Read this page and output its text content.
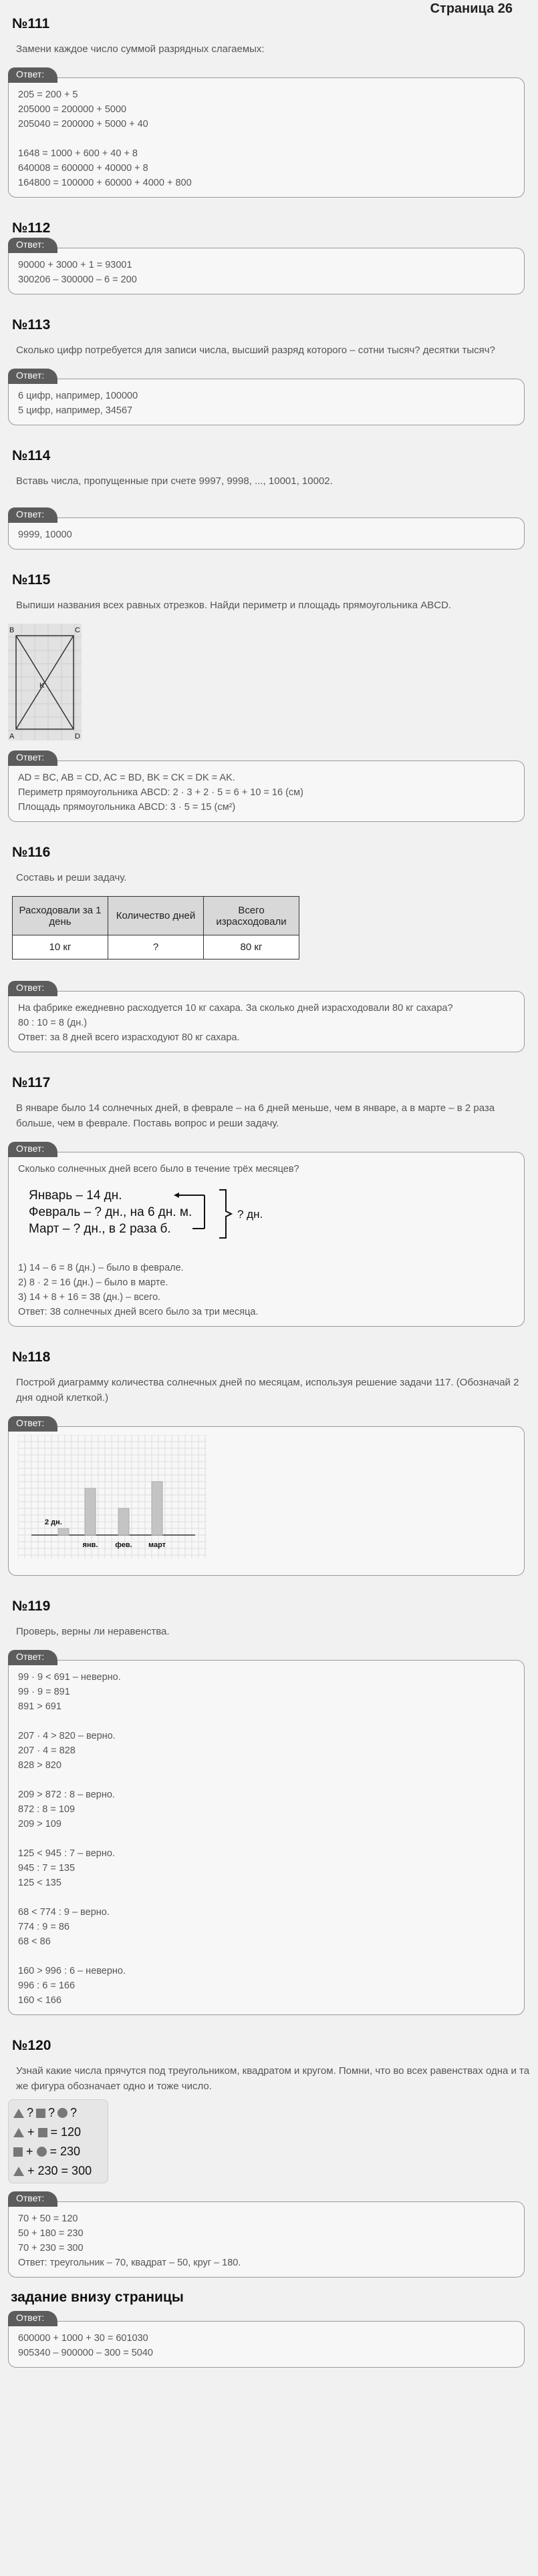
Страница 26
№111
Замени каждое число суммой разрядных слагаемых:
Ответ:
205 = 200 + 5
205000 = 200000 + 5000
205040 = 200000 + 5000 + 40
1648 = 1000 + 600 + 40 + 8
640008 = 600000 + 40000 + 8
164800 = 100000 + 60000 + 4000 + 800
№112
Ответ:
90000 + 3000 + 1 = 93001
300206 – 300000 – 6 = 200
№113
Сколько цифр потребуется для записи числа, высший разряд которого – сотни тысяч? десятки тысяч?
Ответ:
6 цифр, например, 100000
5 цифр, например, 34567
№114
Вставь числа, пропущенные при счете 9997, 9998, ..., 10001, 10002.
Ответ:
9999, 10000
№115
Выпиши названия всех равных отрезков. Найди периметр и площадь прямоугольника ABCD.
B	C
K
A	D
Ответ:
AD = BC, AB = CD, AC = BD, BK = CK = DK = AK.
Периметр прямоугольника ABCD: 2 · 3 + 2 · 5 = 6 + 10 = 16 (см)
Площадь прямоугольника ABCD: 3 · 5 = 15 (см²)
№116
Составь и реши задачу.
Расходовали за 1 день	Количество дней	Всего израсходовали
10 кг	?	80 кг
Ответ:
На фабрике ежедневно расходуется 10 кг сахара. За сколько дней израсходовали 80 кг сахара?
80 : 10 = 8 (дн.)
Ответ: за 8 дней всего израсходуют 80 кг сахара.
№117
В январе было 14 солнечных дней, в феврале – на 6 дней меньше, чем в январе, а в марте – в 2 раза больше, чем в феврале. Поставь вопрос и реши задачу.
Ответ:
Сколько солнечных дней всего было в течение трёх месяцев?
Январь – 14 дн.
Февраль – ? дн., на 6 дн. м.
Март – ? дн., в 2 раза б.
? дн.
1) 14 – 6 = 8 (дн.) – было в феврале.
2) 8 · 2 = 16 (дн.) – было в марте.
3) 14 + 8 + 16 = 38 (дн.) – всего.
Ответ: 38 солнечных дней всего было за три месяца.
№118
Построй диаграмму количества солнечных дней по месяцам, используя решение задачи 117. (Обозначай 2 дня одной клеткой.)
Ответ:
янв. фев. март
2 дн.
№119
Проверь, верны ли неравенства.
Ответ:
99 · 9 < 691 – неверно.
99 · 9 = 891
891 > 691
207 · 4 > 820 – верно.
207 · 4 = 828
828 > 820
209 > 872 : 8 – верно.
872 : 8 = 109
209 > 109
125 < 945 : 7 – верно.
945 : 7 = 135
125 < 135
68 < 774 : 9 – верно.
774 : 9 = 86
68 < 86
160 > 996 : 6 – неверно.
996 : 6 = 166
160 < 166
№120
Узнай какие числа прячутся под треугольником, квадратом и кругом. Помни, что во всех равенствах одна и та же фигура обозначает одно и тоже число.
? ? ?
+ = 120
+ = 230
+ 230 = 300
Ответ:
70 + 50 = 120
50 + 180 = 230
70 + 230 = 300
Ответ: треугольник – 70, квадрат – 50, круг – 180.
задание внизу страницы
Ответ:
600000 + 1000 + 30 = 601030
905340 – 900000 – 300 = 5040
